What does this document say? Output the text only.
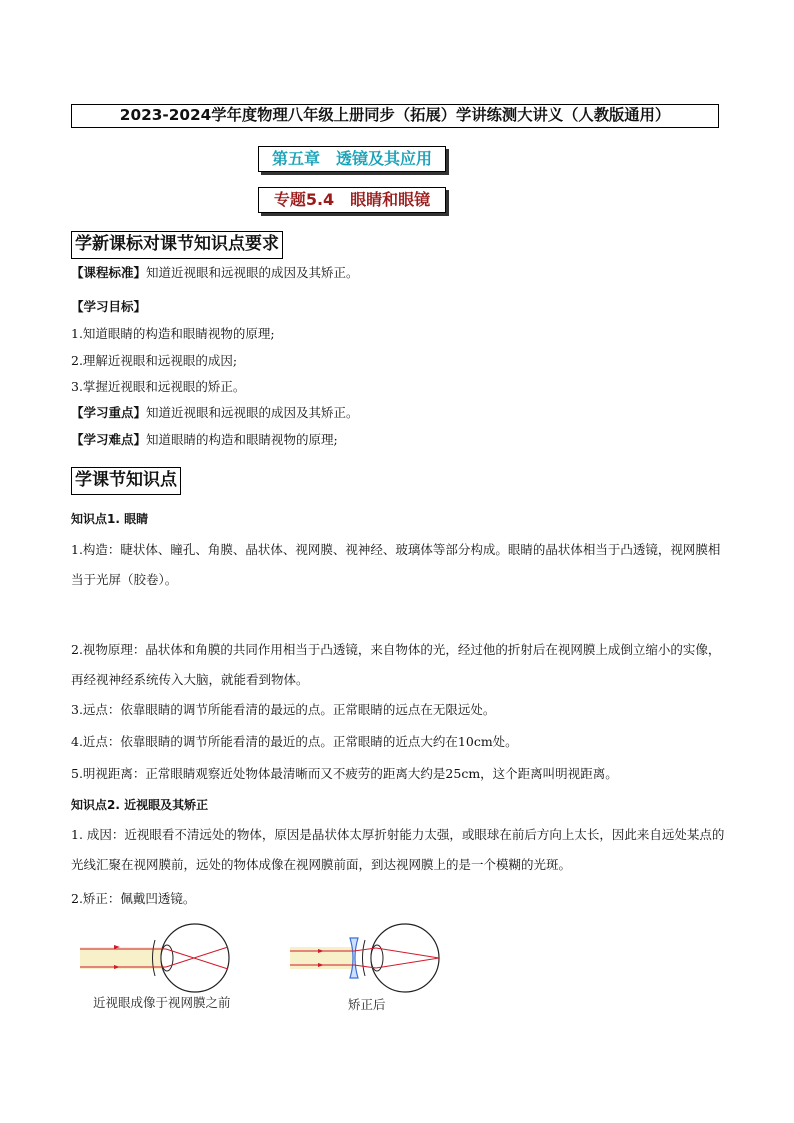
2023-2024学年度物理八年级上册同步（拓展）学讲练测大讲义（人教版通用）
第五章　透镜及其应用
专题5.4　眼睛和眼镜
学新课标对课节知识点要求
【课程标准】知道近视眼和远视眼的成因及其矫正。
【学习目标】
1.知道眼睛的构造和眼睛视物的原理;
2.理解近视眼和远视眼的成因;
3.掌握近视眼和远视眼的矫正。
【学习重点】知道近视眼和远视眼的成因及其矫正。
【学习难点】知道眼睛的构造和眼睛视物的原理;
学课节知识点
知识点1. 眼睛
1.构造：睫状体、瞳孔、角膜、晶状体、视网膜、视神经、玻璃体等部分构成。眼睛的晶状体相当于凸透镜，视网膜相当于光屏（胶卷）。
2.视物原理：晶状体和角膜的共同作用相当于凸透镜，来自物体的光，经过他的折射后在视网膜上成倒立缩小的实像，再经视神经系统传入大脑，就能看到物体。
3.远点：依靠眼睛的调节所能看清的最远的点。正常眼睛的远点在无限远处。
4.近点：依靠眼睛的调节所能看清的最近的点。正常眼睛的近点大约在10cm处。
5.明视距离：正常眼睛观察近处物体最清晰而又不疲劳的距离大约是25cm，这个距离叫明视距离。
知识点2. 近视眼及其矫正
1. 成因：近视眼看不清远处的物体，原因是晶状体太厚折射能力太强，或眼球在前后方向上太长，因此来自远处某点的光线汇聚在视网膜前，远处的物体成像在视网膜前面，到达视网膜上的是一个模糊的光斑。
2.矫正：佩戴凹透镜。
近视眼成像于视网膜之前	矫正后
